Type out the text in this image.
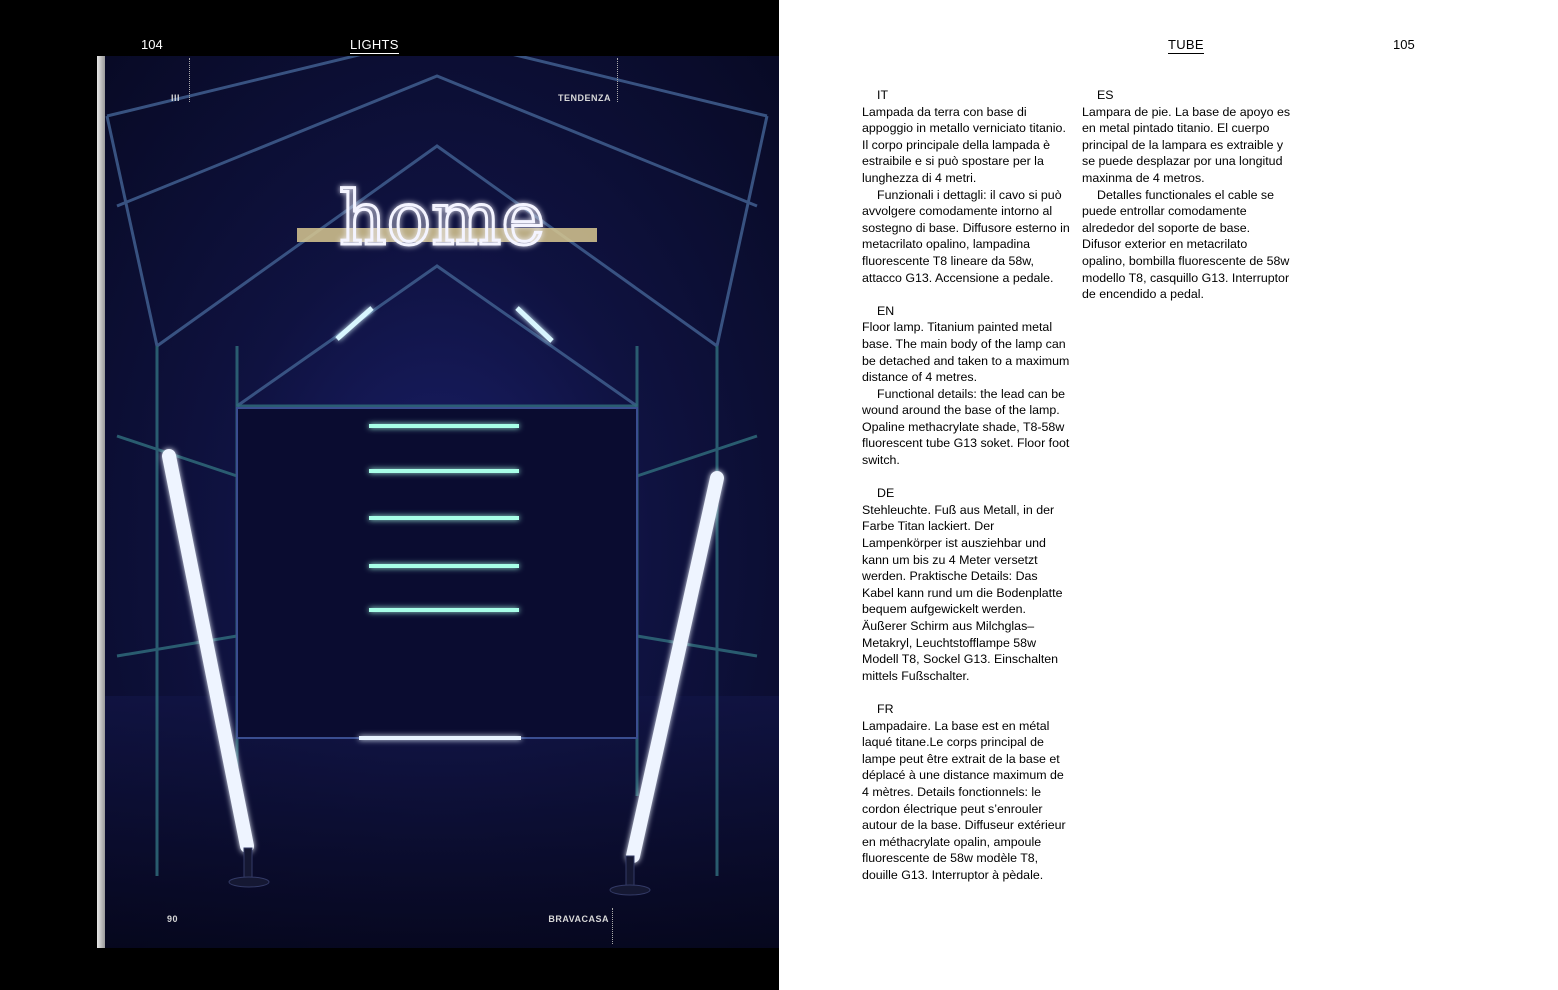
104	LIGHTS
home
III	TENDENZA
90	BRAVACASA
TUBE	105
IT
Lampada da terra con base di appoggio in metallo verniciato titanio. Il corpo principale della lampada è estraibile e si può spostare per la lunghezza di 4 metri.
Funzionali i dettagli: il cavo si può avvolgere comodamente intorno al sostegno di base. Diffusore esterno in metacrilato opalino, lampadina fluorescente T8 lineare da 58w, attacco G13. Accensione a pedale.
EN
Floor lamp. Titanium painted metal base. The main body of the lamp can be detached and taken to a maximum distance of 4 metres.
Functional details: the lead can be wound around the base of the lamp. Opaline methacrylate shade, T8-58w fluorescent tube G13 soket. Floor foot switch.
DE
Stehleuchte. Fuß aus Metall, in der Farbe Titan lackiert. Der Lampenkörper ist ausziehbar und kann um bis zu 4 Meter versetzt werden. Praktische Details: Das Kabel kann rund um die Bodenplatte bequem aufgewickelt werden. Äußerer Schirm aus Milchglas–Metakryl, Leuchtstofflampe 58w Modell T8, Sockel G13. Einschalten mittels Fußschalter.
FR
Lampadaire. La base est en métal laqué titane.Le corps principal de lampe peut être extrait de la base et déplacé à une distance maximum de 4 mètres. Details fonctionnels: le cordon électrique peut s’enrouler autour de la base. Diffuseur extérieur en méthacrylate opalin, ampoule fluorescente de 58w modèle T8, douille G13. Interruptor à pèdale.
ES
Lampara de pie. La base de apoyo es en metal pintado titanio. El cuerpo principal de la lampara es extraible y se puede desplazar por una longitud maxinma de 4 metros.
Detalles functionales el cable se puede entrollar comodamente alrededor del soporte de base. Difusor exterior en metacrilato opalino, bombilla fluorescente de 58w modello T8, casquillo G13. Interruptor de encendido a pedal.
